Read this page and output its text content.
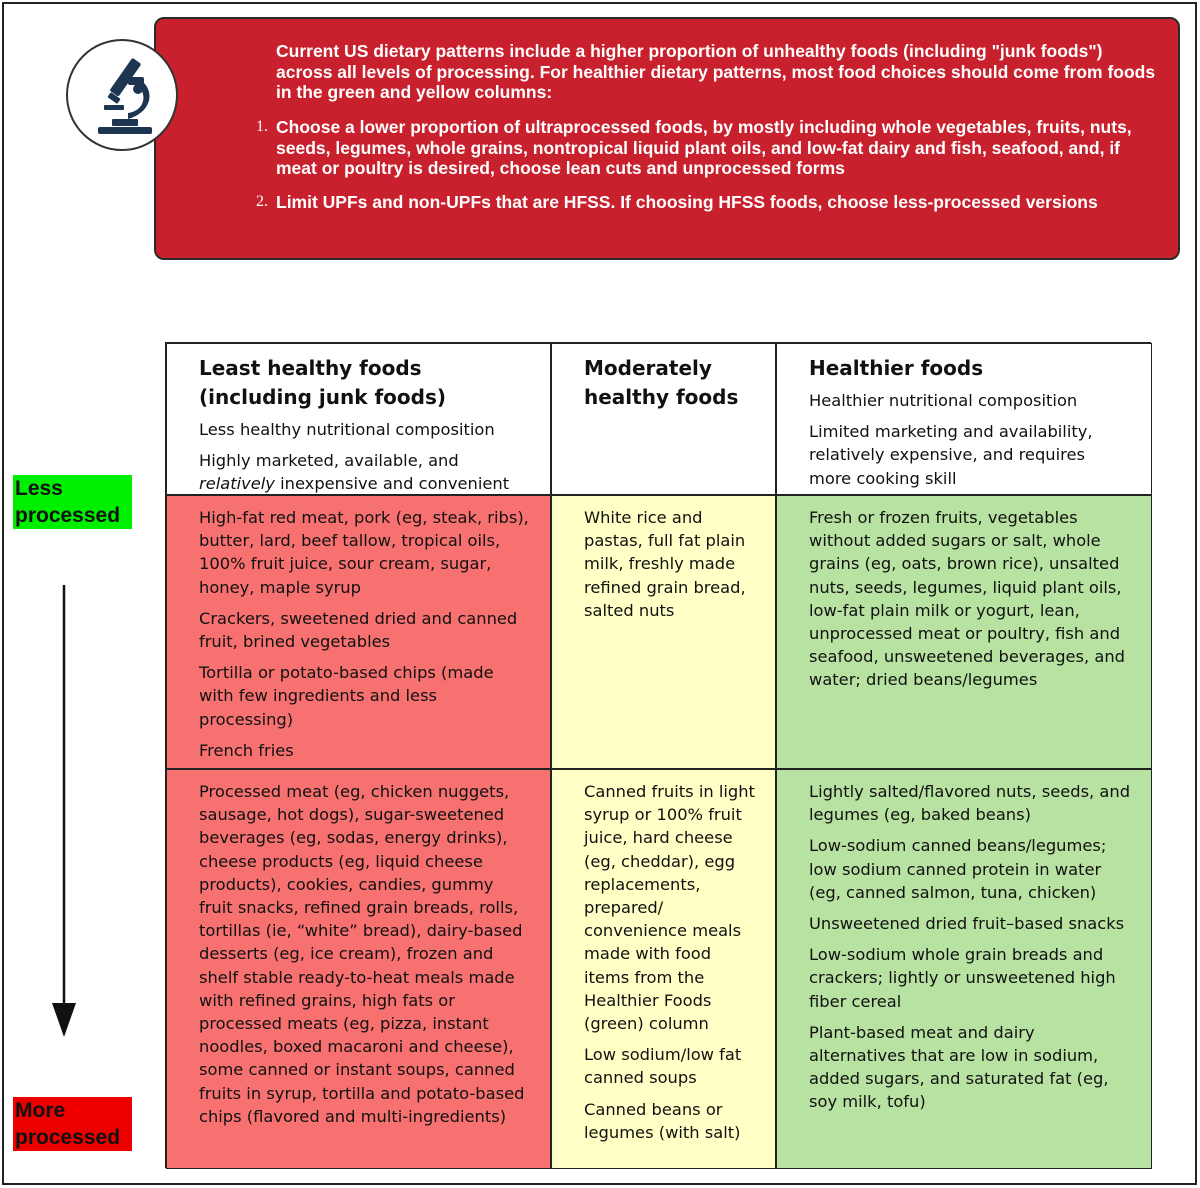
Current US dietary patterns include a higher proportion of unhealthy foods (including "junk foods") across all levels of processing. For healthier dietary patterns, most food choices should come from foods in the green and yellow columns:
1. Choose a lower proportion of ultraprocessed foods, by mostly including whole vegetables, fruits, nuts, seeds, legumes, whole grains, nontropical liquid plant oils, and low-fat dairy and fish, seafood, and, if meat or poultry is desired, choose lean cuts and unprocessed forms
2. Limit UPFs and non-UPFs that are HFSS. If choosing HFSS foods, choose less-processed versions
Less
processed
More
processed
Least healthy foods
(including junk foods)

Less healthy nutritional composition

Highly marketed, available, and
relatively inexpensive and convenient

Moderately
healthy foods
Healthier foods

Healthier nutritional composition

Limited marketing and availability, relatively expensive, and requires more cooking skill

High-fat red meat, pork (eg, steak, ribs), butter, lard, beef tallow, tropical oils, 100% fruit juice, sour cream, sugar, honey, maple syrup

Crackers, sweetened dried and canned fruit, brined vegetables

Tortilla or potato-based chips (made with few ingredients and less processing)

French fries

White rice and pastas, full fat plain milk, freshly made refined grain bread, salted nuts

Fresh or frozen fruits, vegetables without added sugars or salt, whole grains (eg, oats, brown rice), unsalted nuts, seeds, legumes, liquid plant oils, low-fat plain milk or yogurt, lean, unprocessed meat or poultry, fish and seafood, unsweetened beverages, and water; dried beans/legumes

Processed meat (eg, chicken nuggets, sausage, hot dogs), sugar-sweetened beverages (eg, sodas, energy drinks), cheese products (eg, liquid cheese products), cookies, candies, gummy fruit snacks, refined grain breads, rolls, tortillas (ie, “white” bread), dairy-based desserts (eg, ice cream), frozen and shelf stable ready-to-heat meals made with refined grains, high fats or processed meats (eg, pizza, instant noodles, boxed macaroni and cheese), some canned or instant soups, canned fruits in syrup, tortilla and potato-based chips (flavored and multi-ingredients)

Canned fruits in light syrup or 100% fruit juice, hard cheese (eg, cheddar), egg replacements, prepared/ convenience meals made with food items from the Healthier Foods (green) column

Low sodium/low fat canned soups

Canned beans or legumes (with salt)

Lightly salted/flavored nuts, seeds, and legumes (eg, baked beans)

Low-sodium canned beans/legumes; low sodium canned protein in water (eg, canned salmon, tuna, chicken)

Unsweetened dried fruit–based snacks

Low-sodium whole grain breads and crackers; lightly or unsweetened high fiber cereal

Plant-based meat and dairy alternatives that are low in sodium, added sugars, and saturated fat (eg, soy milk, tofu)
